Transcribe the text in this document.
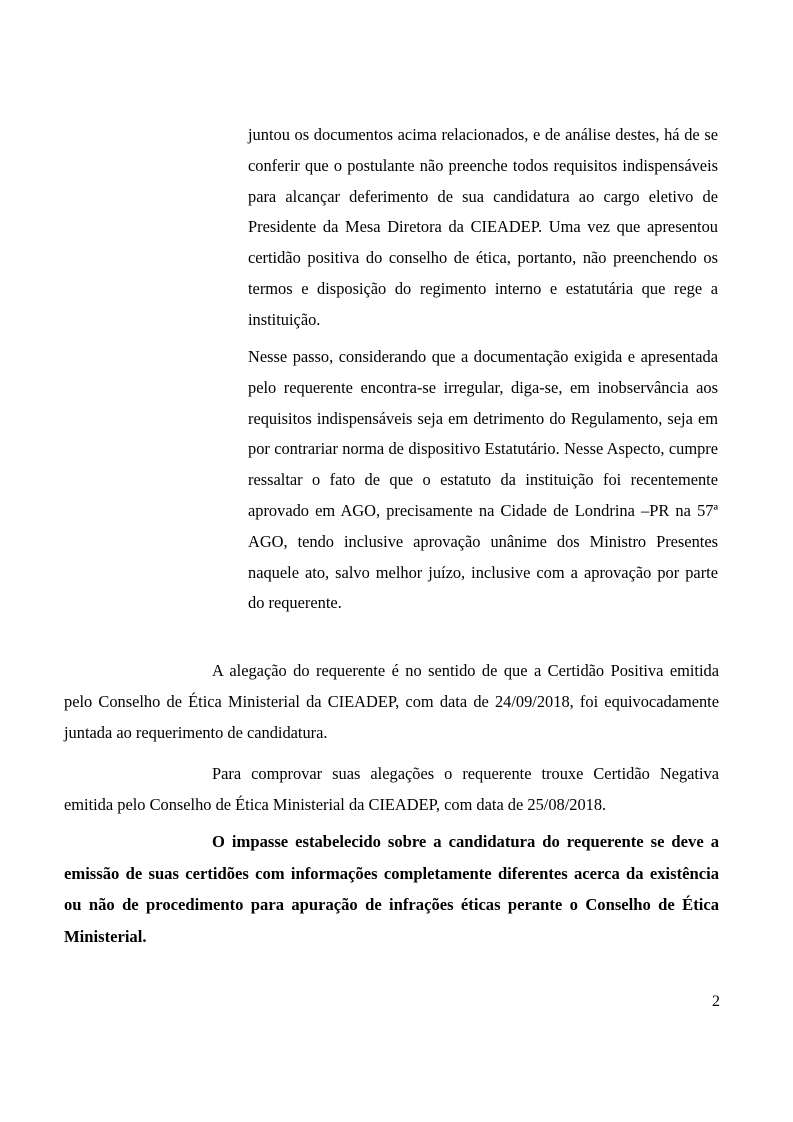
juntou os documentos acima relacionados, e de análise destes, há de se conferir que o postulante não preenche todos requisitos indispensáveis para alcançar deferimento de sua candidatura ao cargo eletivo de Presidente da Mesa Diretora da CIEADEP. Uma vez que apresentou certidão positiva do conselho de ética, portanto, não preenchendo os termos e disposição do regimento interno e estatutária que rege a instituição.

Nesse passo, considerando que a documentação exigida e apresentada pelo requerente encontra-se irregular, diga-se, em inobservância aos requisitos indispensáveis seja em detrimento do Regulamento, seja em por contrariar norma de dispositivo Estatutário. Nesse Aspecto, cumpre ressaltar o fato de que o estatuto da instituição foi recentemente aprovado em AGO, precisamente na Cidade de Londrina –PR na 57ª AGO, tendo inclusive aprovação unânime dos Ministro Presentes naquele ato, salvo melhor juízo, inclusive com a aprovação por parte do requerente.

A alegação do requerente é no sentido de que a Certidão Positiva emitida pelo Conselho de Ética Ministerial da CIEADEP, com data de 24/09/2018, foi equivocadamente juntada ao requerimento de candidatura.

Para comprovar suas alegações o requerente trouxe Certidão Negativa emitida pelo Conselho de Ética Ministerial da CIEADEP, com data de 25/08/2018.

O impasse estabelecido sobre a candidatura do requerente se deve a emissão de suas certidões com informações completamente diferentes acerca da existência ou não de procedimento para apuração de infrações éticas perante o Conselho de Ética Ministerial.

2
